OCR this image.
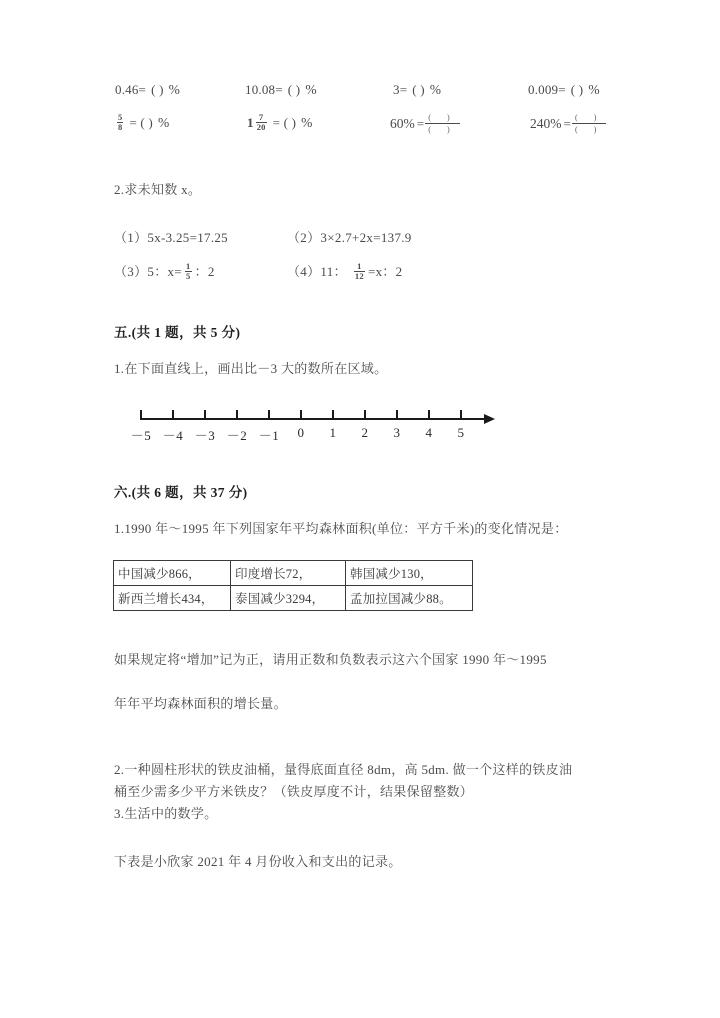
0.46= ( ) %	10.08= ( ) %	3= ( ) %	0.009= ( ) %
$\frac{5}{8}$ = ( ) %	$1 \frac{7}{20}$ = ( ) %	$60\% = \frac{( )}{( )}$	$240\% = \frac{( )}{( )}$
2.求未知数 x。
（1）5x-3.25=17.25	（2）3×2.7+2x=137.9
（3） 5：$x= \frac{1}{5}$ ：2	（4） 11： $\frac{1}{12} =x$：2
五.(共 1 题，共 5 分)
1.在下面直线上，画出比－3 大的数所在区域。
－5 －4 －3 －2 －1 0 1 2 3 4 5
六.(共 6 题，共 37 分)
1.1990 年～1995 年下列国家年平均森林面积(单位：平方千米)的变化情况是：
中国减少866，	印度增长72，	韩国减少130，
新西兰增长434，	泰国减少3294，	孟加拉国减少88。
如果规定将“增加”记为正，请用正数和负数表示这六个国家 1990 年～1995
年年平均森林面积的增长量。
2.一种圆柱形状的铁皮油桶，量得底面直径 8dm，高 5dm. 做一个这样的铁皮油
桶至少需多少平方米铁皮？（铁皮厚度不计，结果保留整数）
3.生活中的数学。
下表是小欣家 2021 年 4 月份收入和支出的记录。
